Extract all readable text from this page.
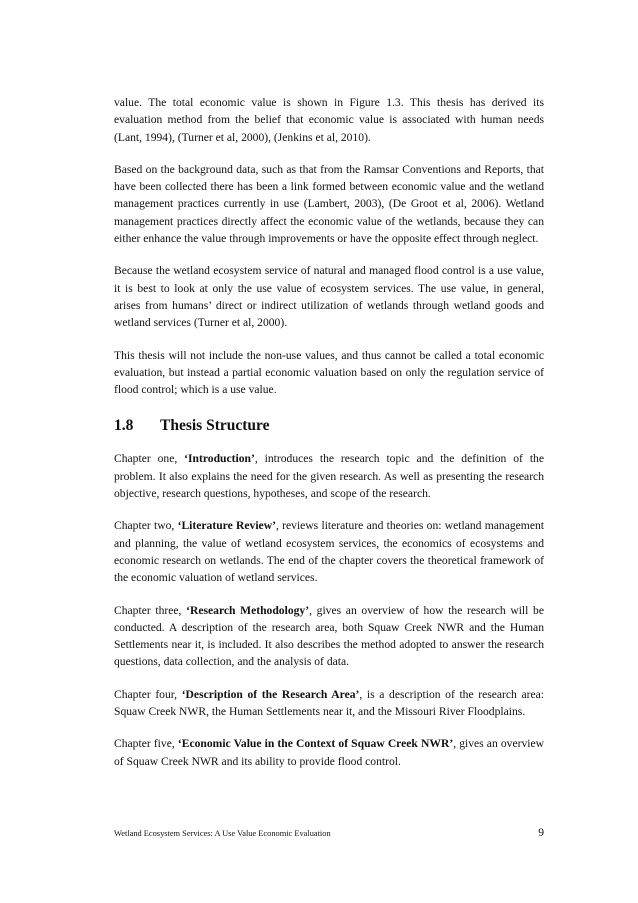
value. The total economic value is shown in Figure 1.3. This thesis has derived its evaluation method from the belief that economic value is associated with human needs (Lant, 1994), (Turner et al, 2000), (Jenkins et al, 2010).

Based on the background data, such as that from the Ramsar Conventions and Reports, that have been collected there has been a link formed between economic value and the wetland management practices currently in use (Lambert, 2003), (De Groot et al, 2006). Wetland management practices directly affect the economic value of the wetlands, because they can either enhance the value through improvements or have the opposite effect through neglect.

Because the wetland ecosystem service of natural and managed flood control is a use value, it is best to look at only the use value of ecosystem services. The use value, in general, arises from humans’ direct or indirect utilization of wetlands through wetland goods and wetland services (Turner et al, 2000).

This thesis will not include the non-use values, and thus cannot be called a total economic evaluation, but instead a partial economic valuation based on only the regulation service of flood control; which is a use value.

1.8	Thesis Structure

Chapter one, ‘Introduction’, introduces the research topic and the definition of the problem. It also explains the need for the given research. As well as presenting the research objective, research questions, hypotheses, and scope of the research.

Chapter two, ‘Literature Review’, reviews literature and theories on: wetland management and planning, the value of wetland ecosystem services, the economics of ecosystems and economic research on wetlands. The end of the chapter covers the theoretical framework of the economic valuation of wetland services.

Chapter three, ‘Research Methodology’, gives an overview of how the research will be conducted. A description of the research area, both Squaw Creek NWR and the Human Settlements near it, is included. It also describes the method adopted to answer the research questions, data collection, and the analysis of data.

Chapter four, ‘Description of the Research Area’, is a description of the research area: Squaw Creek NWR, the Human Settlements near it, and the Missouri River Floodplains.

Chapter five, ‘Economic Value in the Context of Squaw Creek NWR’, gives an overview of Squaw Creek NWR and its ability to provide flood control.

Wetland Ecosystem Services: A Use Value Economic Evaluation	9
